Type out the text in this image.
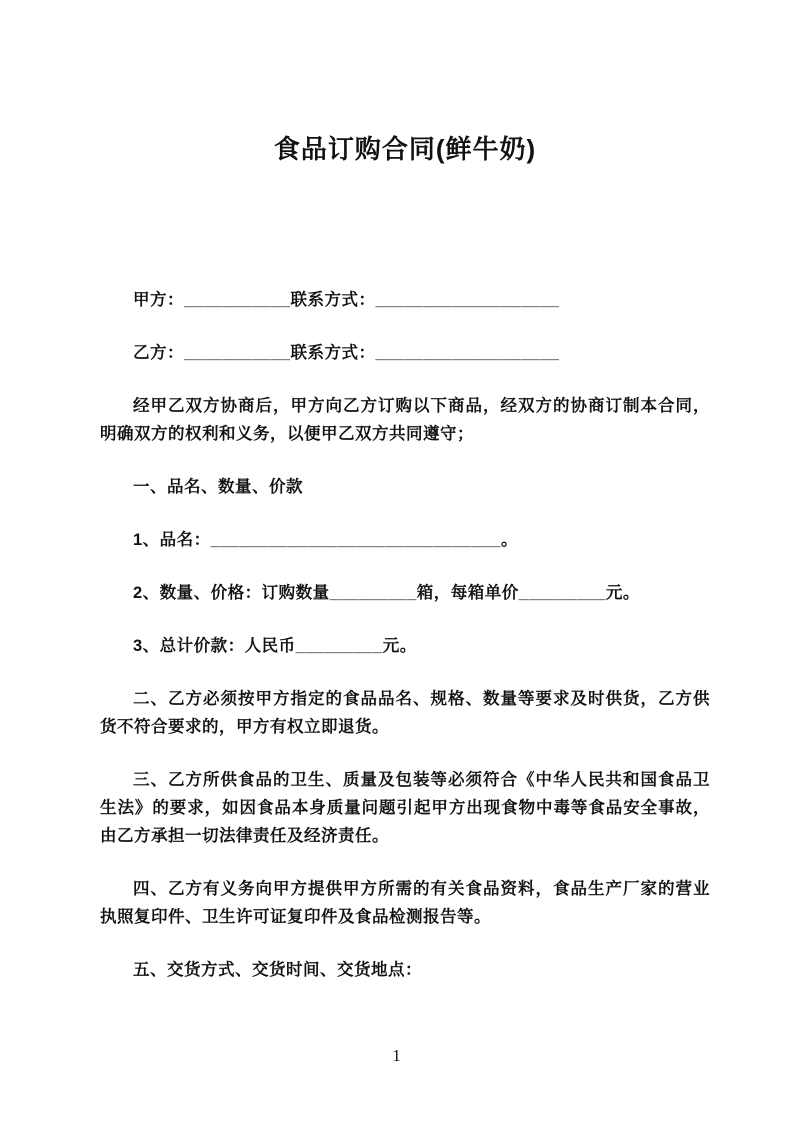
食品订购合同(鲜牛奶)

甲方：___________联系方式：___________________

乙方：___________联系方式：___________________

经甲乙双方协商后，甲方向乙方订购以下商品，经双方的协商订制本合同，明确双方的权利和义务，以便甲乙双方共同遵守；

一、品名、数量、价款

1、品名：______________________________。

2、数量、价格：订购数量_________箱，每箱单价_________元。

3、总计价款：人民币_________元。

二、乙方必须按甲方指定的食品品名、规格、数量等要求及时供货，乙方供货不符合要求的，甲方有权立即退货。

三、乙方所供食品的卫生、质量及包装等必须符合《中华人民共和国食品卫生法》的要求，如因食品本身质量问题引起甲方出现食物中毒等食品安全事故，由乙方承担一切法律责任及经济责任。

四、乙方有义务向甲方提供甲方所需的有关食品资料，食品生产厂家的营业执照复印件、卫生许可证复印件及食品检测报告等。

五、交货方式、交货时间、交货地点：

1
